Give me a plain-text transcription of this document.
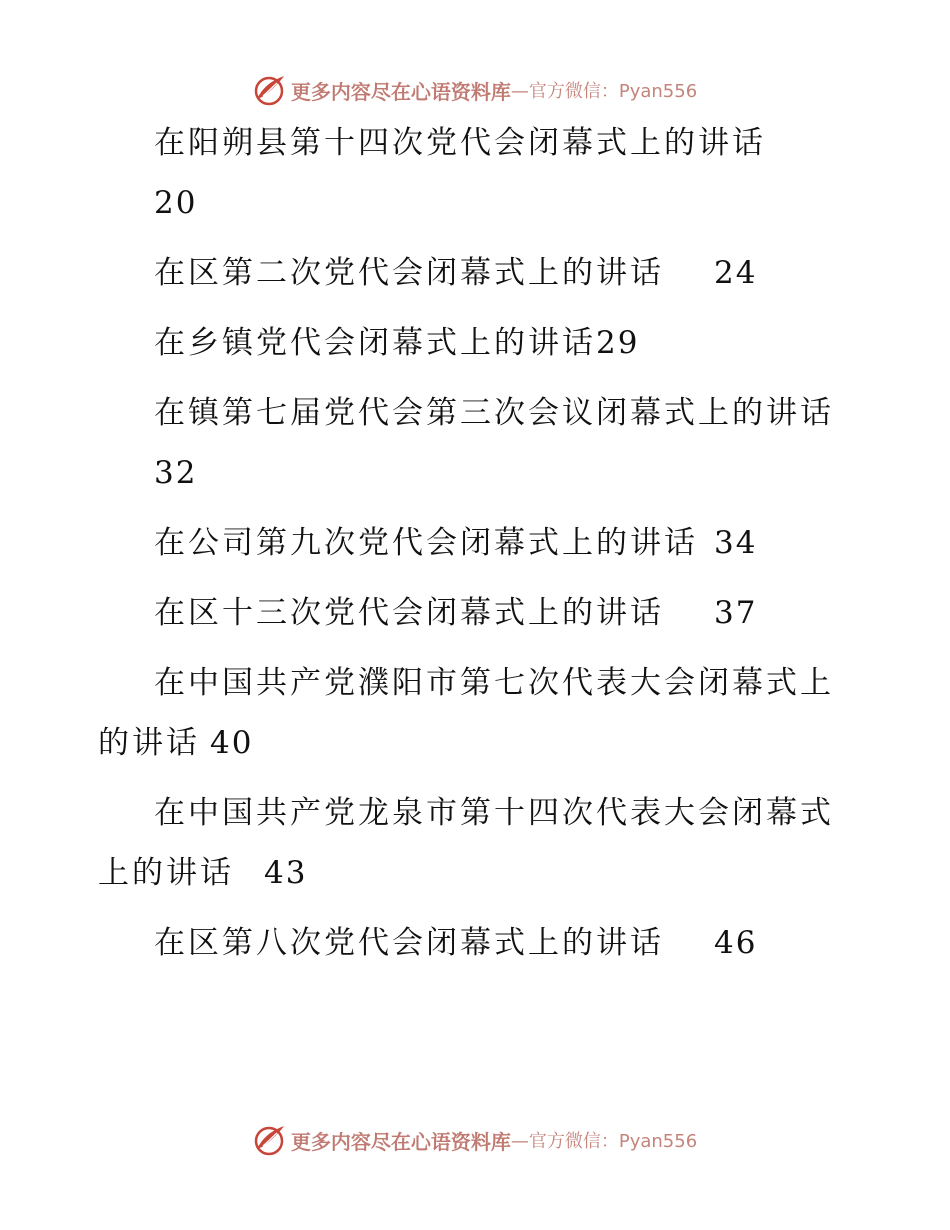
更多内容尽在心语资料库 —官方微信：Pyan556
在阳朔县第十四次党代会闭幕式上的讲话
20
在区第二次党代会闭幕式上的讲话 24
在乡镇党代会闭幕式上的讲话29
在镇第七届党代会第三次会议闭幕式上的讲话
32
在公司第九次党代会闭幕式上的讲话 34
在区十三次党代会闭幕式上的讲话 37
在中国共产党濮阳市第七次代表大会闭幕式上的讲话 40
在中国共产党龙泉市第十四次代表大会闭幕式上的讲话 43
在区第八次党代会闭幕式上的讲话 46
更多内容尽在心语资料库 —官方微信：Pyan556
